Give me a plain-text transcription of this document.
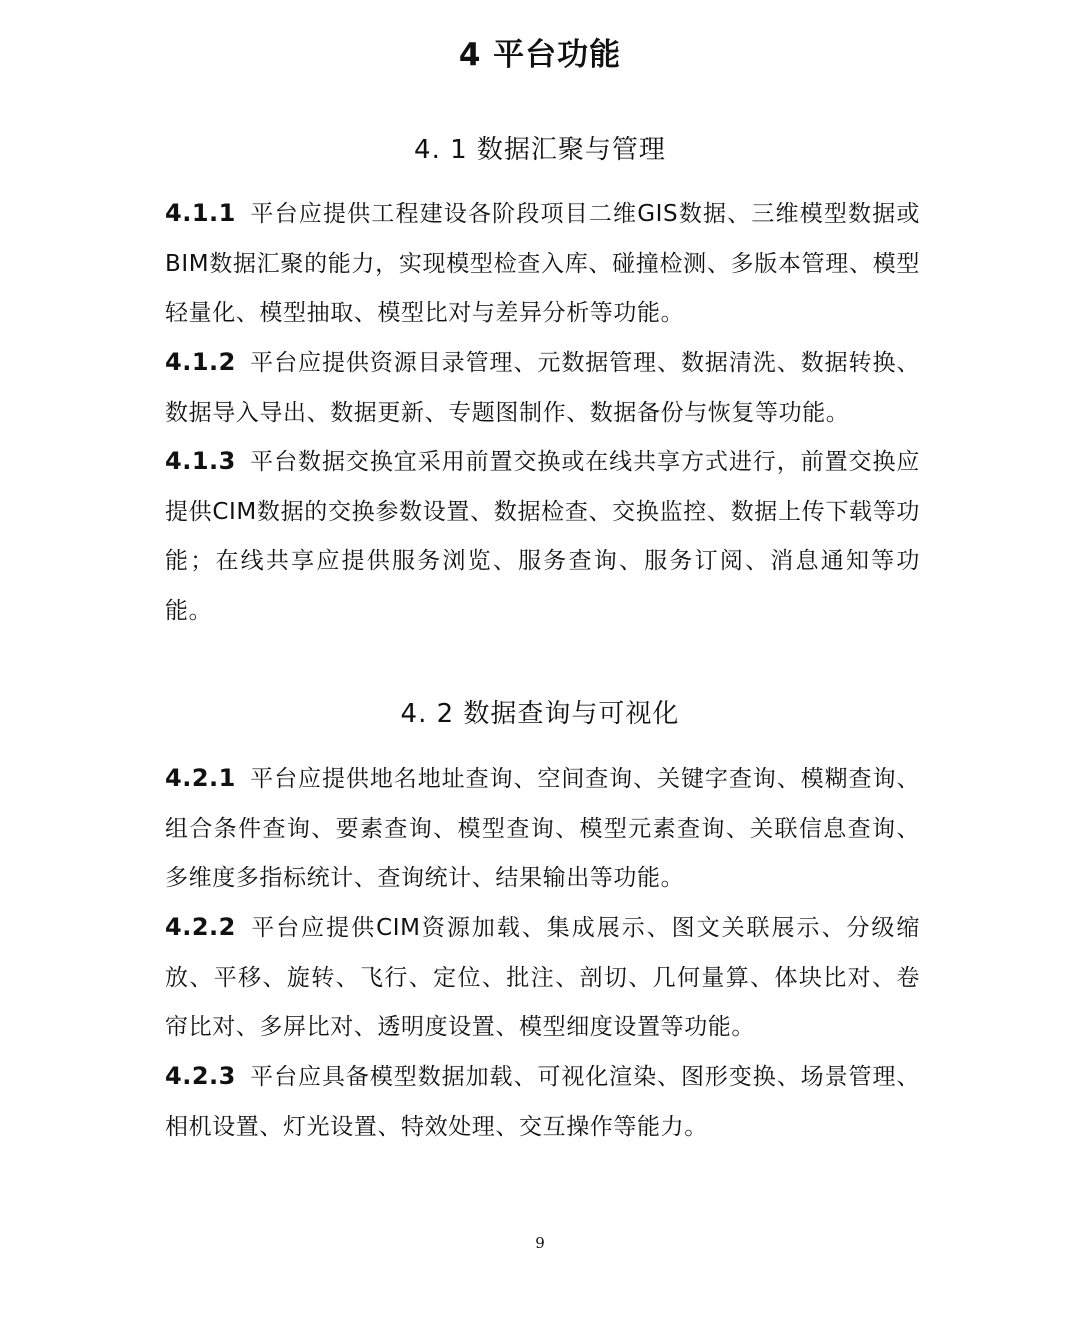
4 平台功能
4. 1 数据汇聚与管理

4.1.1 平台应提供工程建设各阶段项目二维GIS数据、三维模型数据或BIM数据汇聚的能力，实现模型检查入库、碰撞检测、多版本管理、模型轻量化、模型抽取、模型比对与差异分析等功能。

4.1.2 平台应提供资源目录管理、元数据管理、数据清洗、数据转换、数据导入导出、数据更新、专题图制作、数据备份与恢复等功能。

4.1.3 平台数据交换宜采用前置交换或在线共享方式进行，前置交换应提供CIM数据的交换参数设置、数据检查、交换监控、数据上传下载等功能；在线共享应提供服务浏览、服务查询、服务订阅、消息通知等功能。

4. 2 数据查询与可视化

4.2.1 平台应提供地名地址查询、空间查询、关键字查询、模糊查询、组合条件查询、要素查询、模型查询、模型元素查询、关联信息查询、多维度多指标统计、查询统计、结果输出等功能。

4.2.2 平台应提供CIM资源加载、集成展示、图文关联展示、分级缩放、平移、旋转、飞行、定位、批注、剖切、几何量算、体块比对、卷帘比对、多屏比对、透明度设置、模型细度设置等功能。

4.2.3 平台应具备模型数据加载、可视化渲染、图形变换、场景管理、相机设置、灯光设置、特效处理、交互操作等能力。

9
